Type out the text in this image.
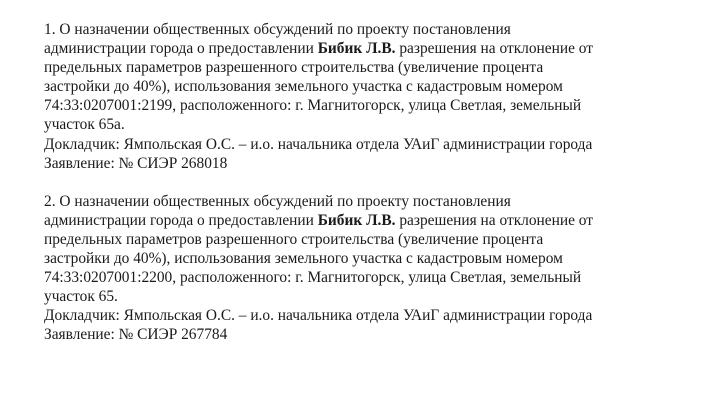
1. О назначении общественных обсуждений по проекту постановления
администрации города о предоставлении Бибик Л.В. разрешения на отклонение от
предельных параметров разрешенного строительства (увеличение процента
застройки до 40%), использования земельного участка с кадастровым номером
74:33:0207001:2199, расположенного: г. Магнитогорск, улица Светлая, земельный
участок 65а.
Докладчик: Ямпольская О.С. – и.о. начальника отдела УАиГ администрации города
Заявление: № СИЭР 268018

2. О назначении общественных обсуждений по проекту постановления
администрации города о предоставлении Бибик Л.В. разрешения на отклонение от
предельных параметров разрешенного строительства (увеличение процента
застройки до 40%), использования земельного участка с кадастровым номером
74:33:0207001:2200, расположенного: г. Магнитогорск, улица Светлая, земельный
участок 65.
Докладчик: Ямпольская О.С. – и.о. начальника отдела УАиГ администрации города
Заявление: № СИЭР 267784
